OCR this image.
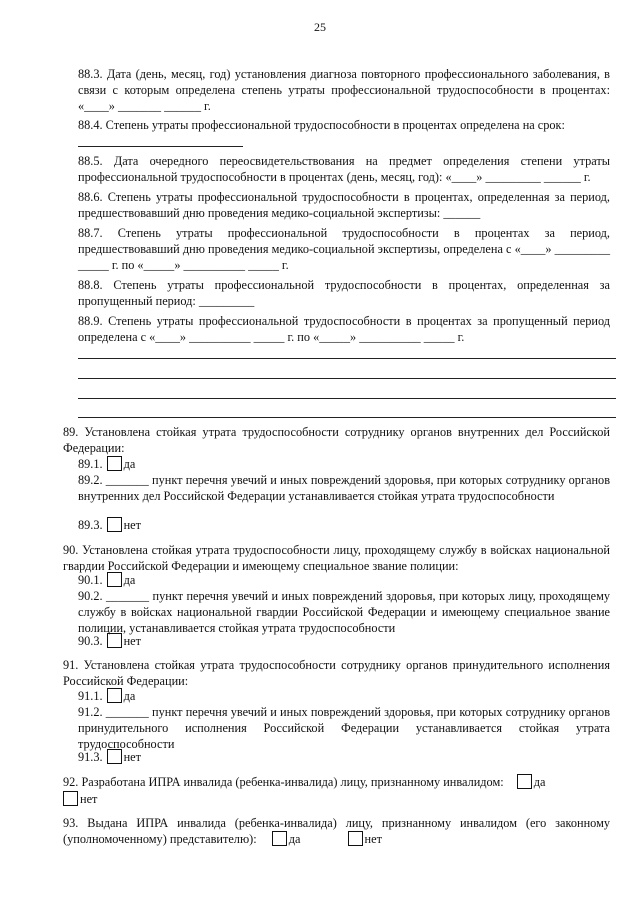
25

88.3. Дата (день, месяц, год) установления диагноза повторного профессионального заболевания, в связи с которым определена степень утраты профессиональной трудоспособности в процентах: «____» _______ ______ г.

88.4. Степень утраты профессиональной трудоспособности в процентах определена на срок:

88.5. Дата очередного переосвидетельствования на предмет определения степени утраты профессиональной трудоспособности в процентах (день, месяц, год): «____» _________ ______ г.

88.6. Степень утраты профессиональной трудоспособности в процентах, определенная за период, предшествовавший дню проведения медико-социальной экспертизы: ______

88.7. Степень утраты профессиональной трудоспособности в процентах за период, предшествовавший дню проведения медико-социальной экспертизы, определена с «____» _________ _____ г. по «_____» __________ _____ г.

88.8. Степень утраты профессиональной трудоспособности в процентах, определенная за пропущенный период: _________

88.9. Степень утраты профессиональной трудоспособности в процентах за пропущенный период определена с «____» __________ _____ г. по «_____» __________ _____ г.

89. Установлена стойкая утрата трудоспособности сотруднику органов внутренних дел Российской Федерации:

89.1. да

89.2. _______ пункт перечня увечий и иных повреждений здоровья, при которых сотруднику органов внутренних дел Российской Федерации устанавливается стойкая утрата трудоспособности

89.3. нет

90. Установлена стойкая утрата трудоспособности лицу, проходящему службу в войсках национальной гвардии Российской Федерации и имеющему специальное звание полиции:

90.1. да

90.2. _______ пункт перечня увечий и иных повреждений здоровья, при которых лицу, проходящему службу в войсках национальной гвардии Российской Федерации и имеющему специальное звание полиции, устанавливается стойкая утрата трудоспособности

90.3. нет

91. Установлена стойкая утрата трудоспособности сотруднику органов принудительного исполнения Российской Федерации:

91.1. да

91.2. _______ пункт перечня увечий и иных повреждений здоровья, при которых сотруднику органов принудительного исполнения Российской Федерации устанавливается стойкая утрата трудоспособности

91.3. нет
92. Разработана ИПРА инвалида (ребенка-инвалида) лицу, признанному инвалидом: да
нет

93. Выдана ИПРА инвалида (ребенка-инвалида) лицу, признанному инвалидом (его законному (уполномоченному) представителю):	да	нет
